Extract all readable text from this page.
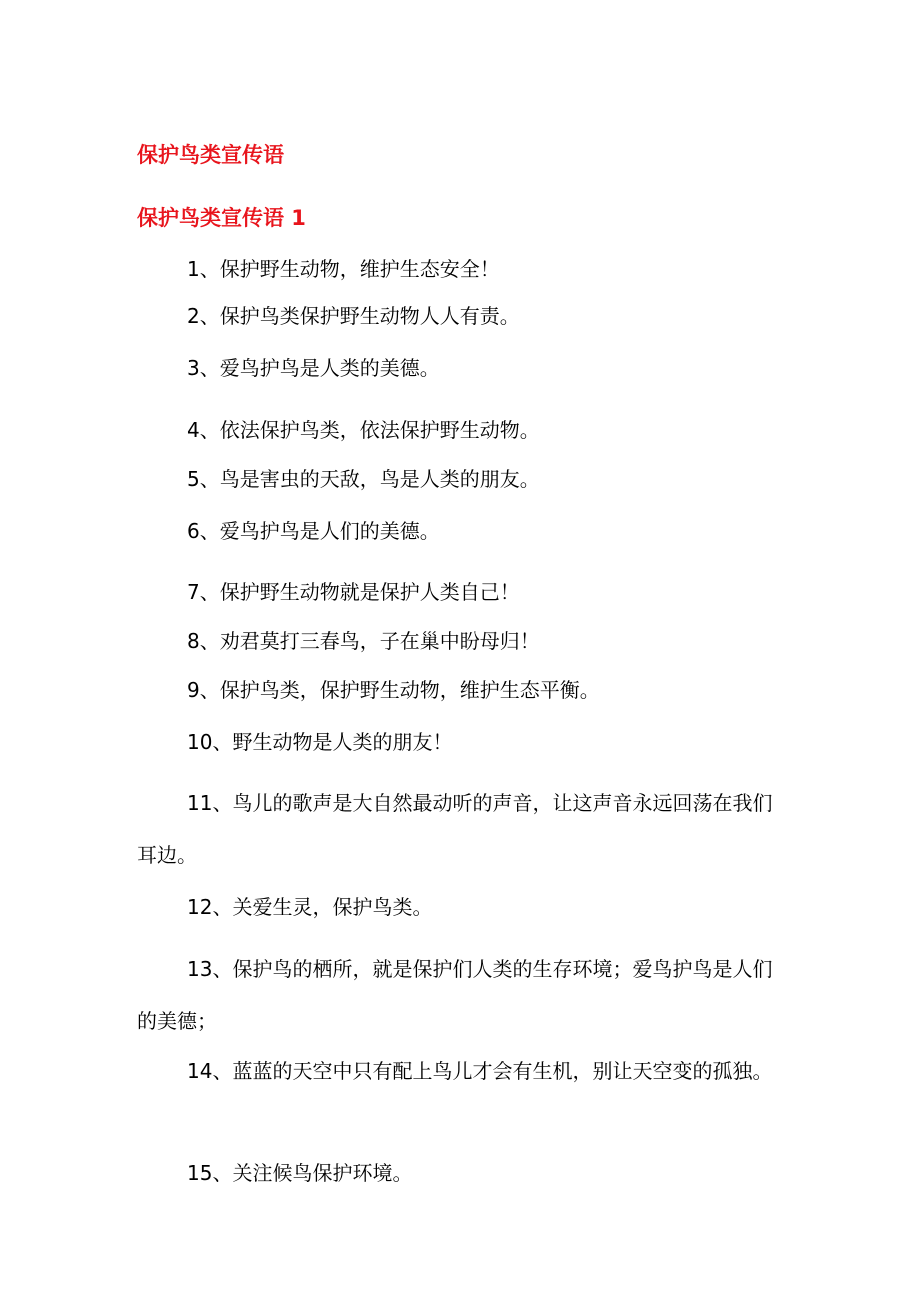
保护鸟类宣传语
保护鸟类宣传语 1

1、保护野生动物，维护生态安全！

2、保护鸟类保护野生动物人人有责。

3、爱鸟护鸟是人类的美德。

4、依法保护鸟类，依法保护野生动物。

5、鸟是害虫的天敌，鸟是人类的朋友。

6、爱鸟护鸟是人们的美德。

7、保护野生动物就是保护人类自己！

8、劝君莫打三春鸟，子在巢中盼母归！

9、保护鸟类，保护野生动物，维护生态平衡。

10、野生动物是人类的朋友！

11、鸟儿的歌声是大自然最动听的声音，让这声音永远回荡在我们耳边。

12、关爱生灵，保护鸟类。

13、保护鸟的栖所，就是保护们人类的生存环境；爱鸟护鸟是人们的美德；

14、蓝蓝的天空中只有配上鸟儿才会有生机，别让天空变的孤独。

15、关注候鸟保护环境。
